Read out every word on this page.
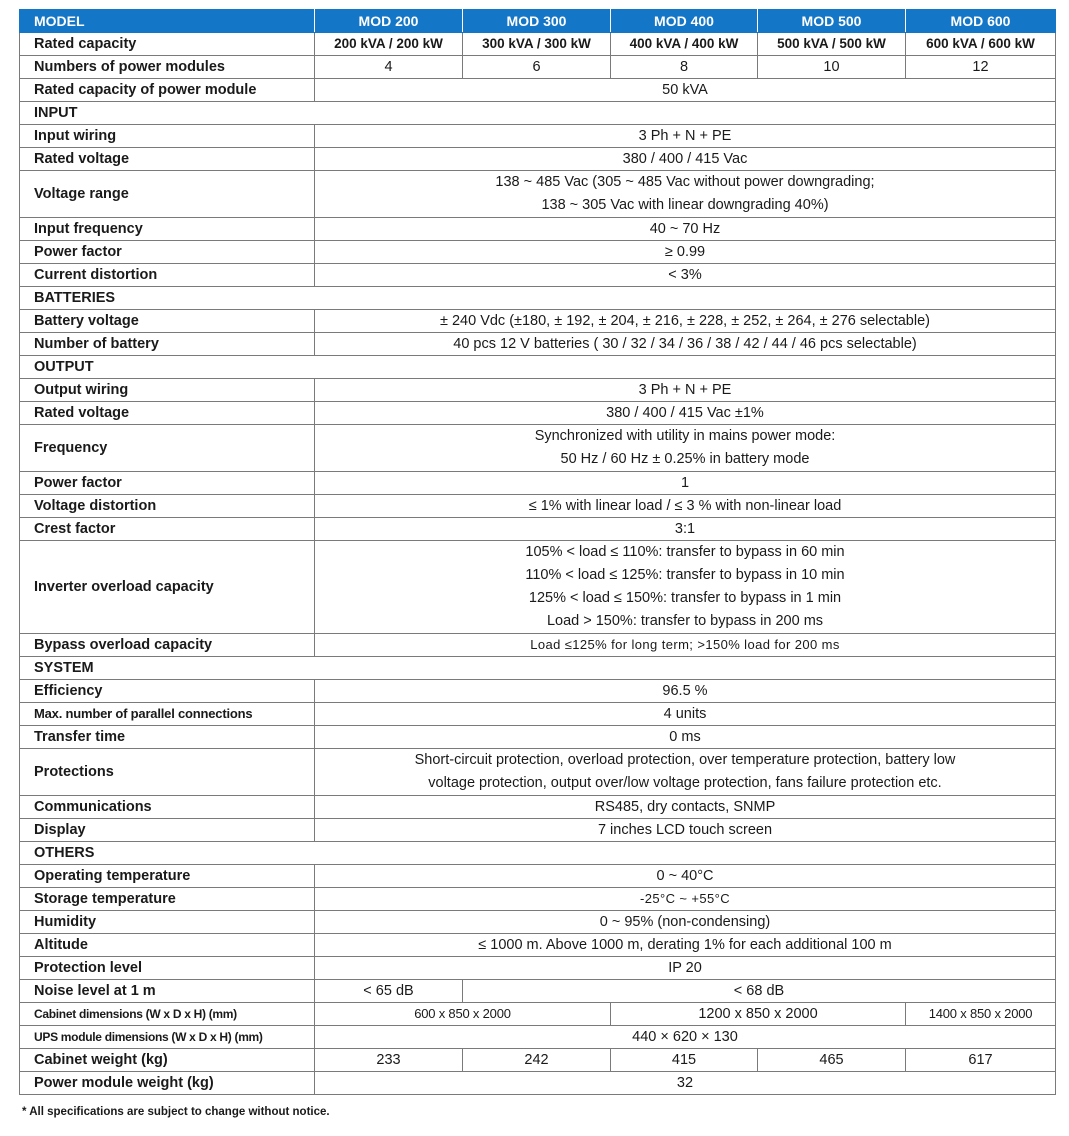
MODEL	MOD 200	MOD 300	MOD 400	MOD 500	MOD 600
Rated capacity	200 kVA / 200 kW	300 kVA / 300 kW	400 kVA / 400 kW	500 kVA / 500 kW	600 kVA / 600 kW
Numbers of power modules	4	6	8	10	12
Rated capacity of power module	50 kVA				
INPUT					
Input wiring	3 Ph + N + PE				
Rated voltage	380 / 400 / 415 Vac				
Voltage range	138 ~ 485 Vac (305 ~ 485 Vac without power downgrading;
138 ~ 305 Vac with linear downgrading 40%)				

Input frequency	40 ~ 70 Hz				
Power factor	≥ 0.99				
Current distortion	< 3%				
BATTERIES					
Battery voltage	± 240 Vdc (±180, ± 192, ± 204, ± 216, ± 228, ± 252, ± 264, ± 276 selectable)				
Number of battery	40 pcs 12 V batteries ( 30 / 32 / 34 / 36 / 38 / 42 / 44 / 46 pcs selectable)				
OUTPUT					
Output wiring	3 Ph + N + PE				
Rated voltage	380 / 400 / 415 Vac ±1%				
Frequency	Synchronized with utility in mains power mode:
50 Hz / 60 Hz ± 0.25% in battery mode				

Power factor	1				
Voltage distortion	≤ 1% with linear load / ≤ 3 % with non-linear load				
Crest factor	3:1				
Inverter overload capacity	105% < load ≤ 110%: transfer to bypass in 60 min
110% < load ≤ 125%: transfer to bypass in 10 min
125% < load ≤ 150%: transfer to bypass in 1 min
Load > 150%: transfer to bypass in 200 ms				

Bypass overload capacity	Load ≤125% for long term; >150% load for 200 ms				
SYSTEM					
Efficiency	96.5 %				
Max. number of parallel connections	4 units				
Transfer time	0 ms				
Protections	Short-circuit protection, overload protection, over temperature protection, battery low
voltage protection, output over/low voltage protection, fans failure protection etc.				

Communications	RS485, dry contacts, SNMP				
Display	7 inches LCD touch screen				
OTHERS					
Operating temperature	0 ~ 40°C				
Storage temperature	-25°C ~ +55°C				
Humidity	0 ~ 95% (non-condensing)				
Altitude	≤ 1000 m. Above 1000 m, derating 1% for each additional 100 m				
Protection level	IP 20				
Noise level at 1 m	< 65 dB	< 68 dB			
Cabinet dimensions (W x D x H) (mm)	600 x 850 x 2000		1200 x 850 x 2000		1400 x 850 x 2000
UPS module dimensions (W x D x H) (mm)	440 × 620 × 130				
Cabinet weight (kg)	233	242	415	465	617
Power module weight (kg)	32				
* All specifications are subject to change without notice.
